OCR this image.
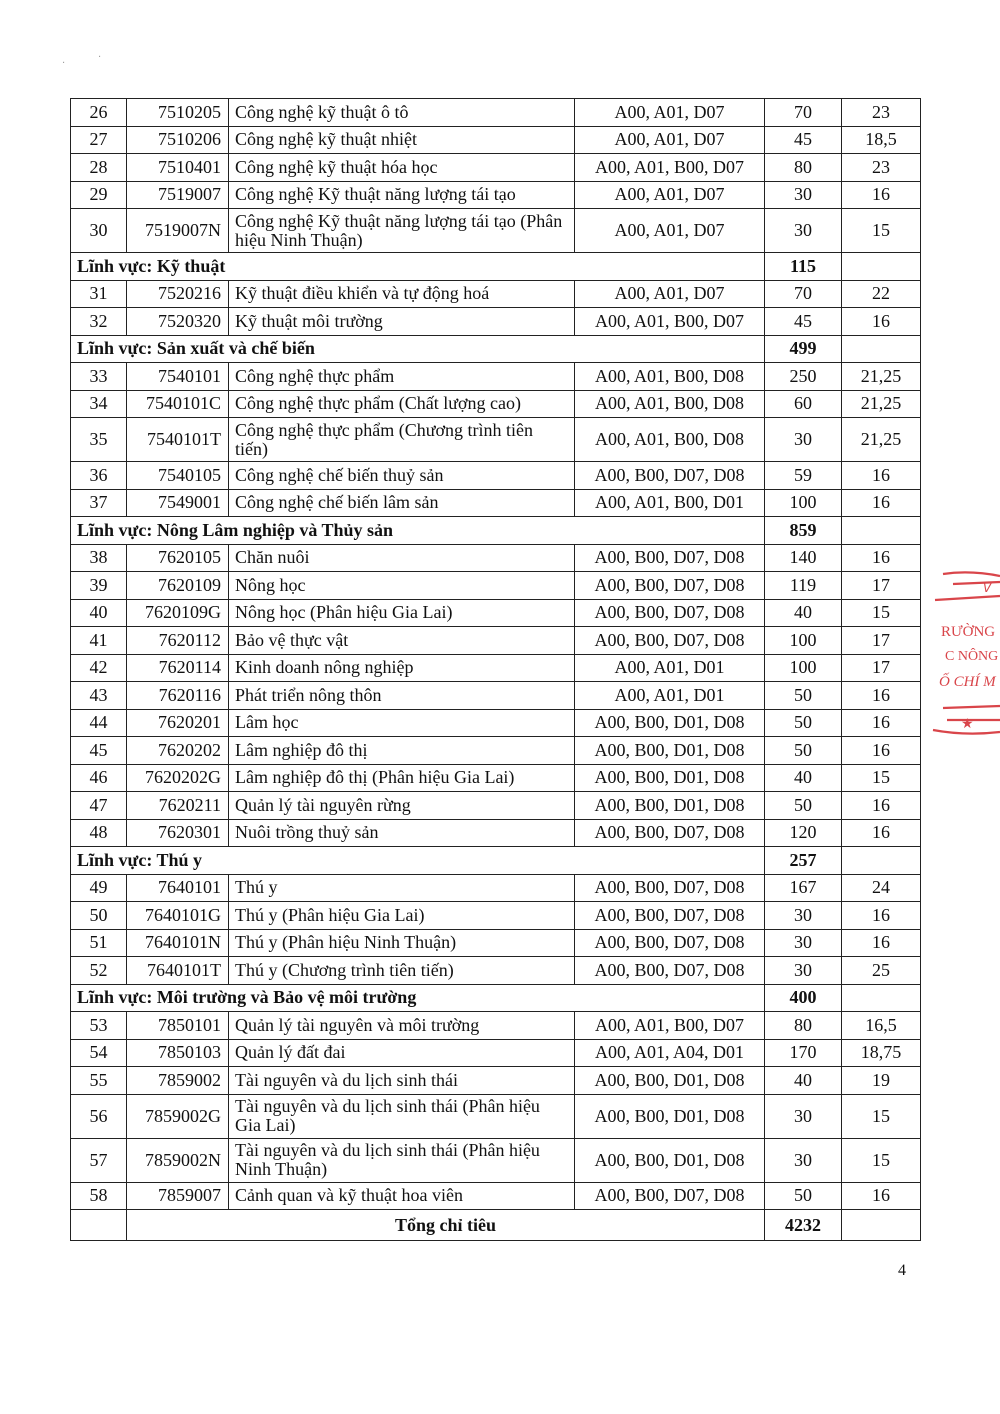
·
·
26	7510205	Công nghệ kỹ thuật ô tô	A00, A01, D07	70	23
27	7510206	Công nghệ kỹ thuật nhiệt	A00, A01, D07	45	18,5
28	7510401	Công nghệ kỹ thuật hóa học	A00, A01, B00, D07	80	23
29	7519007	Công nghệ Kỹ thuật năng lượng tái tạo	A00, A01, D07	30	16
30	7519007N	Công nghệ Kỹ thuật năng lượng tái tạo (Phân hiệu Ninh Thuận)	A00, A01, D07	30	15
Lĩnh vực: Kỹ thuật				115	
31	7520216	Kỹ thuật điều khiển và tự động hoá	A00, A01, D07	70	22
32	7520320	Kỹ thuật môi trường	A00, A01, B00, D07	45	16
Lĩnh vực: Sản xuất và chế biến				499	
33	7540101	Công nghệ thực phẩm	A00, A01, B00, D08	250	21,25
34	7540101C	Công nghệ thực phẩm (Chất lượng cao)	A00, A01, B00, D08	60	21,25
35	7540101T	Công nghệ thực phẩm (Chương trình tiên tiến)	A00, A01, B00, D08	30	21,25
36	7540105	Công nghệ chế biến thuỷ sản	A00, B00, D07, D08	59	16
37	7549001	Công nghệ chế biến lâm sản	A00, A01, B00, D01	100	16
Lĩnh vực: Nông Lâm nghiệp và Thủy sản				859	
38	7620105	Chăn nuôi	A00, B00, D07, D08	140	16
39	7620109	Nông học	A00, B00, D07, D08	119	17
40	7620109G	Nông học (Phân hiệu Gia Lai)	A00, B00, D07, D08	40	15
41	7620112	Bảo vệ thực vật	A00, B00, D07, D08	100	17
42	7620114	Kinh doanh nông nghiệp	A00, A01, D01	100	17
43	7620116	Phát triển nông thôn	A00, A01, D01	50	16
44	7620201	Lâm học	A00, B00, D01, D08	50	16
45	7620202	Lâm nghiệp đô thị	A00, B00, D01, D08	50	16
46	7620202G	Lâm nghiệp đô thị (Phân hiệu Gia Lai)	A00, B00, D01, D08	40	15
47	7620211	Quản lý tài nguyên rừng	A00, B00, D01, D08	50	16
48	7620301	Nuôi trồng thuỷ sản	A00, B00, D07, D08	120	16
Lĩnh vực: Thú y				257	
49	7640101	Thú y	A00, B00, D07, D08	167	24
50	7640101G	Thú y (Phân hiệu Gia Lai)	A00, B00, D07, D08	30	16
51	7640101N	Thú y (Phân hiệu Ninh Thuận)	A00, B00, D07, D08	30	16
52	7640101T	Thú y (Chương trình tiên tiến)	A00, B00, D07, D08	30	25
Lĩnh vực: Môi trường và Bảo vệ môi trường				400	
53	7850101	Quản lý tài nguyên và môi trường	A00, A01, B00, D07	80	16,5
54	7850103	Quản lý đất đai	A00, A01, A04, D01	170	18,75
55	7859002	Tài nguyên và du lịch sinh thái	A00, B00, D01, D08	40	19
56	7859002G	Tài nguyên và du lịch sinh thái (Phân hiệu Gia Lai)	A00, B00, D01, D08	30	15
57	7859002N	Tài nguyên và du lịch sinh thái (Phân hiệu Ninh Thuận)	A00, B00, D01, D08	30	15
58	7859007	Cảnh quan và kỹ thuật hoa viên	A00, B00, D07, D08	50	16
	Tổng chỉ tiêu			4232	
V
RƯỜNG
C NÔNG
Ố CHÍ M
★
4
